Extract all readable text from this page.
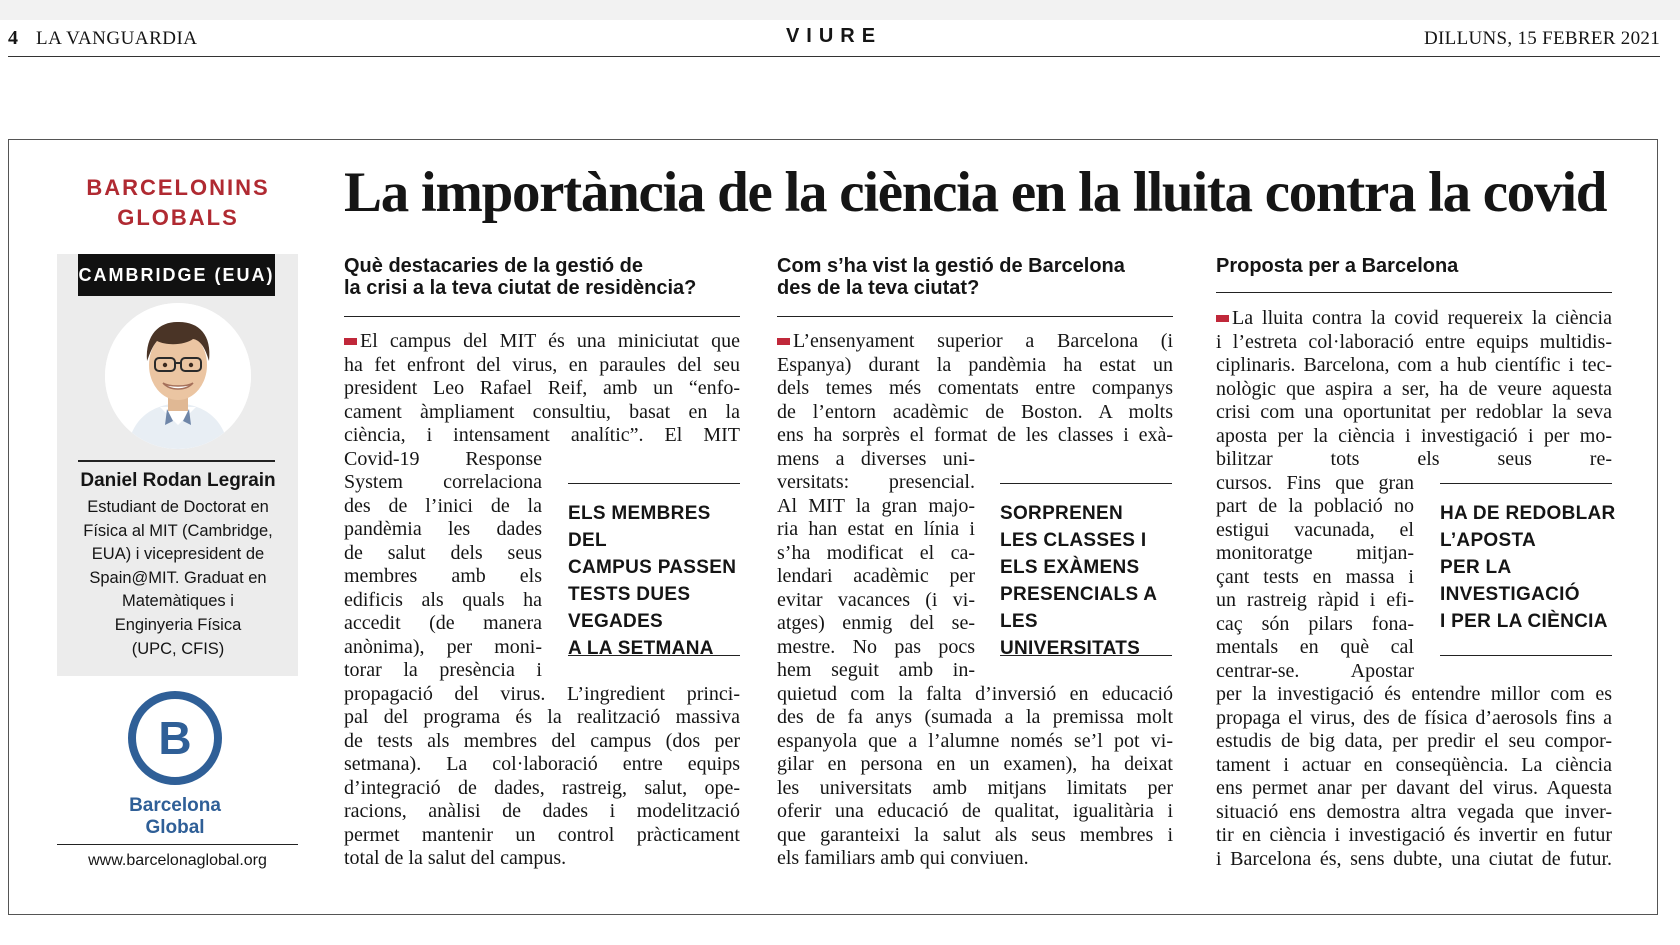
4 LA VANGUARDIA	VIURE	DILLUNS, 15 FEBRER 2021
BARCELONINS
GLOBALS
CAMBRIDGE (EUA)
Daniel Rodan Legrain
Estudiant de Doctorat en
Física al MIT (Cambridge,
EUA) i vicepresident de
Spain@MIT. Graduat en
Matemàtiques i
Enginyeria Física
(UPC, CFIS)
B
Barcelona
Global
www.barcelonaglobal.org
La importància de la ciència en la lluita contra la covid
Què destacaries de la gestió de
la crisi a la teva ciutat de residència?
El campus del MIT és una miniciutat que
ha fet enfront del virus, en paraules del seu
president Leo Rafael Reif, amb un “enfo-
cament àmpliament consultiu, basat en la
ciència, i intensament analític”. El MIT
Covid-19 Response
System correlaciona
des de l’inici de la
pandèmia les dades
de salut dels seus
membres amb els
edificis als quals ha
accedit (de manera
anònima), per moni-
torar la presència i
propagació del virus. L’ingredient princi-
pal del programa és la realització massiva
de tests als membres del campus (dos per
setmana). La col·laboració entre equips
d’integració de dades, rastreig, salut, ope-
racions, anàlisi de dades i modelització
permet mantenir un control pràcticament
total de la salut del campus.
ELS MEMBRES DEL
CAMPUS PASSEN
TESTS DUES
VEGADES
A LA SETMANA
Com s’ha vist la gestió de Barcelona
des de la teva ciutat?
L’ensenyament superior a Barcelona (i
Espanya) durant la pandèmia ha estat un
dels temes més comentats entre companys
de l’entorn acadèmic de Boston. A molts
ens ha sorprès el format de les classes i exà-
mens a diverses uni-
versitats: presencial.
Al MIT la gran majo-
ria han estat en línia i
s’ha modificat el ca-
lendari acadèmic per
evitar vacances (i vi-
atges) enmig del se-
mestre. No pas pocs
hem seguit amb in-
quietud com la falta d’inversió en educació
des de fa anys (sumada a la premissa molt
espanyola que a l’alumne només se’l pot vi-
gilar en persona en un examen), ha deixat
les universitats amb mitjans limitats per
oferir una educació de qualitat, igualitària i
que garanteixi la salut als seus membres i
els familiars amb qui conviuen.
SORPRENEN
LES CLASSES I
ELS EXÀMENS
PRESENCIALS A
LES UNIVERSITATS
Proposta per a Barcelona
La lluita contra la covid requereix la ciència
i l’estreta col·laboració entre equips multidis-
ciplinaris. Barcelona, com a hub científic i tec-
nològic que aspira a ser, ha de veure aquesta
crisi com una oportunitat per redoblar la seva
aposta per la ciència i investigació i per mo-
bilitzar tots els seus re-
cursos. Fins que gran
part de la població no
estigui vacunada, el
monitoratge mitjan-
çant tests en massa i
un rastreig ràpid i efi-
caç són pilars fona-
mentals en què cal
centrar-se. Apostar
per la investigació és entendre millor com es
propaga el virus, des de física d’aerosols fins a
estudis de big data, per predir el seu compor-
tament i actuar en conseqüència. La ciència
ens permet anar per davant del virus. Aquesta
situació ens demostra altra vegada que inver-
tir en ciència i investigació és invertir en futur
i Barcelona és, sens dubte, una ciutat de futur.
HA DE REDOBLAR
L’APOSTA
PER LA
INVESTIGACIÓ
I PER LA CIÈNCIA
